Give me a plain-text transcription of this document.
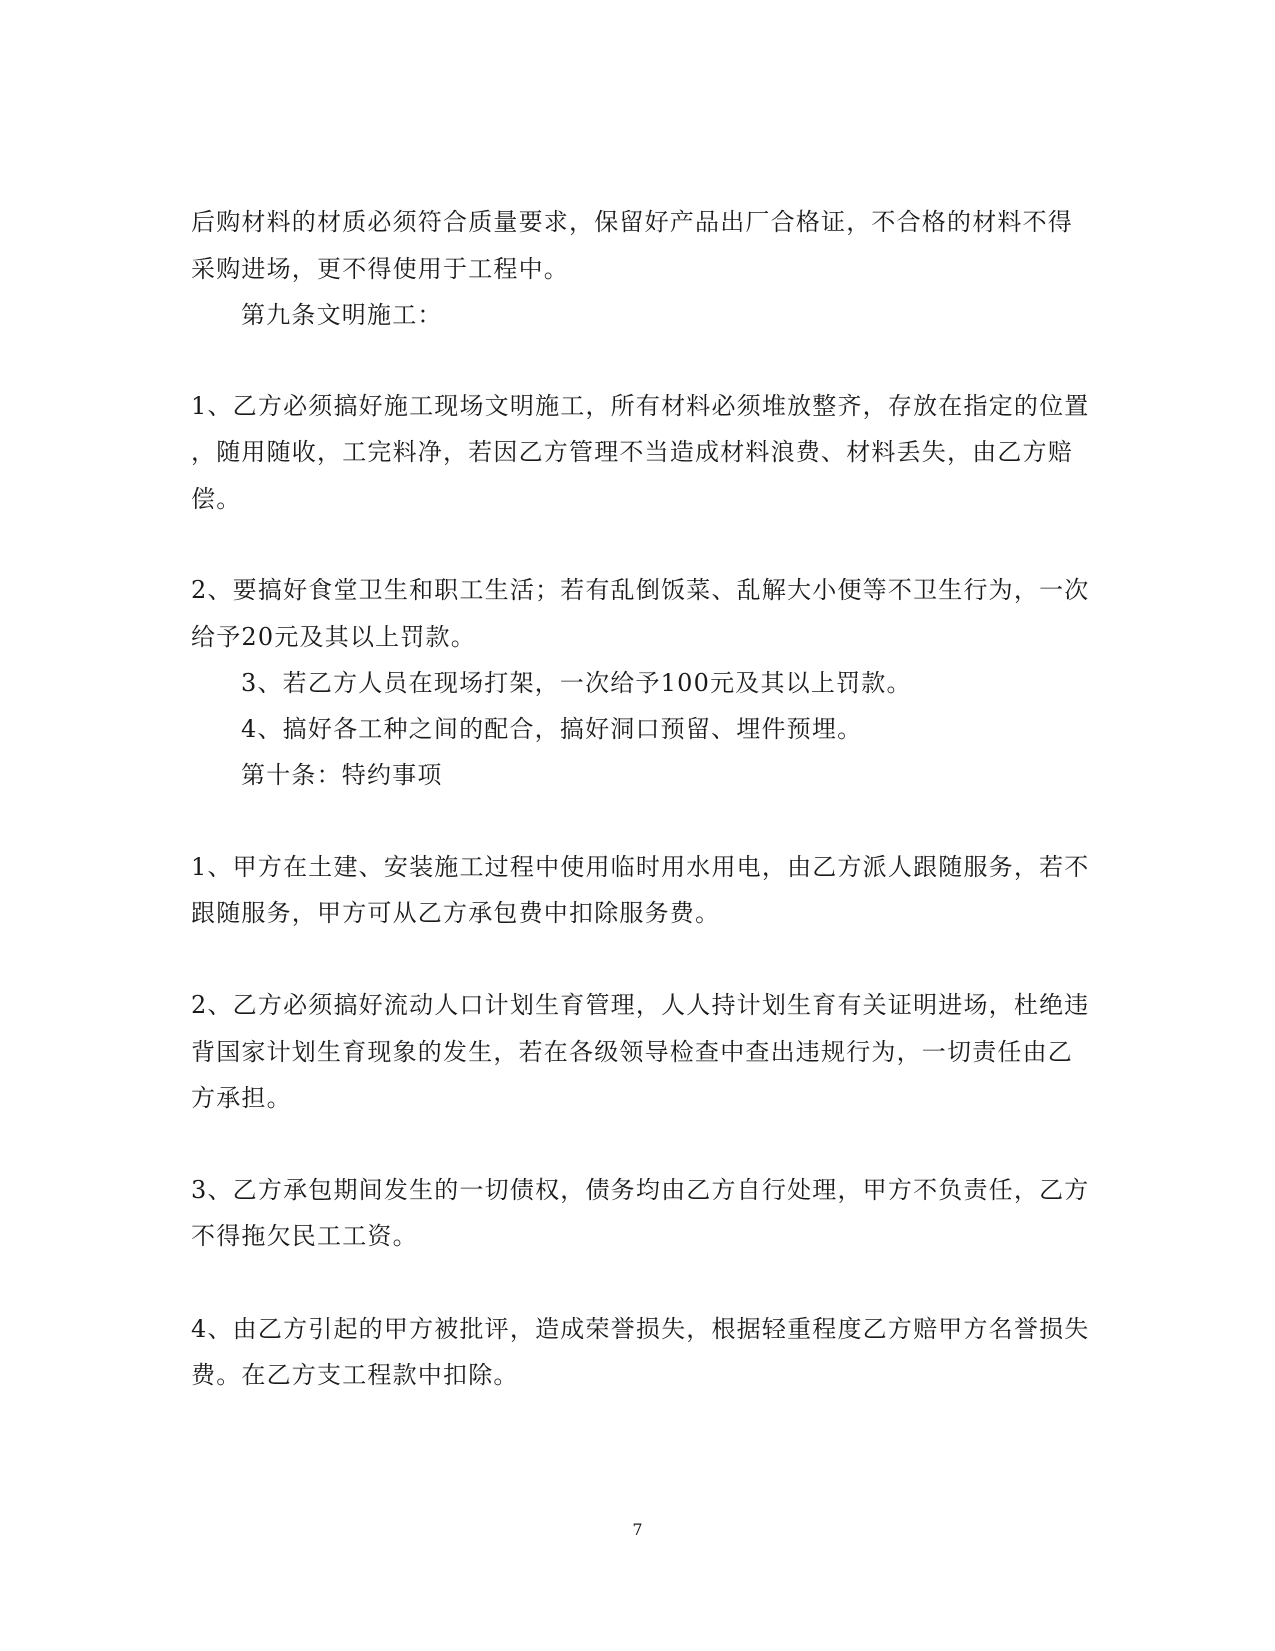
后购材料的材质必须符合质量要求，保留好产品出厂合格证，不合格的材料不得
采购进场，更不得使用于工程中。
第九条文明施工：
1、乙方必须搞好施工现场文明施工，所有材料必须堆放整齐，存放在指定的位置
，随用随收，工完料净，若因乙方管理不当造成材料浪费、材料丢失，由乙方赔
偿。
2、要搞好食堂卫生和职工生活；若有乱倒饭菜、乱解大小便等不卫生行为，一次
给予20元及其以上罚款。
3、若乙方人员在现场打架，一次给予100元及其以上罚款。
4、搞好各工种之间的配合，搞好洞口预留、埋件预埋。
第十条：特约事项
1、甲方在土建、安装施工过程中使用临时用水用电，由乙方派人跟随服务，若不
跟随服务，甲方可从乙方承包费中扣除服务费。
2、乙方必须搞好流动人口计划生育管理，人人持计划生育有关证明进场，杜绝违
背国家计划生育现象的发生，若在各级领导检查中查出违规行为，一切责任由乙
方承担。
3、乙方承包期间发生的一切债权，债务均由乙方自行处理，甲方不负责任，乙方
不得拖欠民工工资。
4、由乙方引起的甲方被批评，造成荣誉损失，根据轻重程度乙方赔甲方名誉损失
费。在乙方支工程款中扣除。
7
